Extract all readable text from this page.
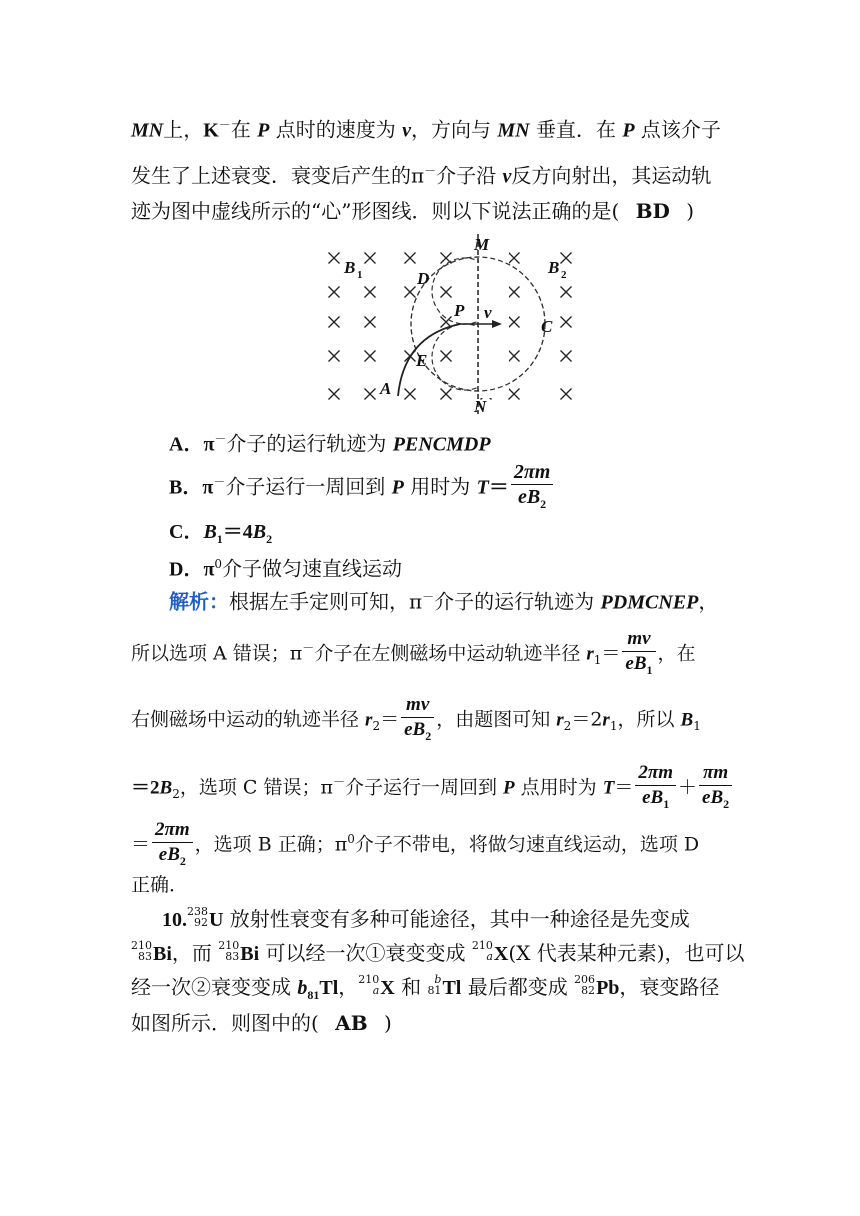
MN上，K－在 P 点时的速度为 v，方向与 MN 垂直．在 P 点该介子
发生了上述衰变．衰变后产生的π－介子沿 v反方向射出，其运动轨
迹为图中虚线所示的“心”形图线．则以下说法正确的是( BD )
M
N
B 1	B 2
D
P v
C
E
A
A．π－介子的运行轨迹为 PENCMDP
B．π－介子运行一周回到 P 用时为 $T= \frac{2\pi m}{eB_2}$
C．$B_1=4B_2$
D．$\pi^0$介子做匀速直线运动
解析：根据左手定则可知，π－介子的运行轨迹为 PDMCNEP，
所以选项 A 错误；π－介子在左侧磁场中运动轨迹半径 $r_1= \frac{mv}{eB_1}$ ，在
右侧磁场中运动的轨迹半径 $r_2= \frac{mv}{eB_2}$ ，由题图可知 $r_2=2r_1$，所以 $B_1$
$=2B_2$，选项 C 错误；π－介子运行一周回到 P 点用时为 $T= \frac{2\pi m}{eB_1} + \frac{\pi m}{eB_2}$
＝ $\frac{2\pi m}{eB_2}$ ，选项 B 正确；$\pi^0$介子不带电，将做匀速直线运动，选项 D
正确．
10. 238
92 U 放射性衰变有多种可能途径，其中一种途径是先变成
210
83 Bi，而 210
83 Bi 可以经一次①衰变变成 210
a X(X 代表某种元素)，也可以
经一次②衰变变成 $b_{81}Tl$， 210
a X 和 b
81 Tl 最后都变成 206
82 Pb，衰变路径
如图所示．则图中的( AB )
